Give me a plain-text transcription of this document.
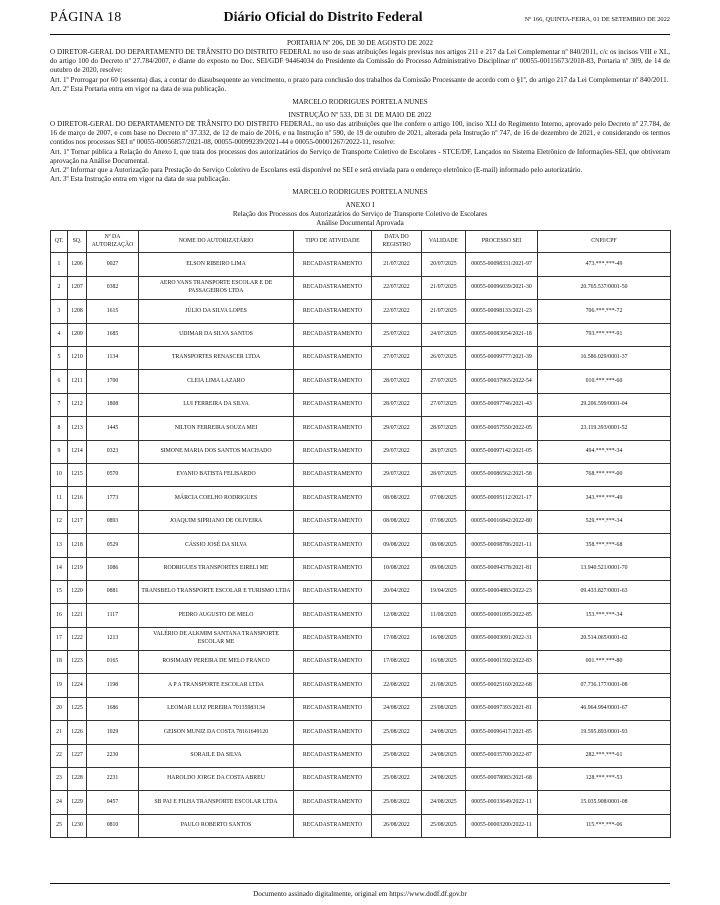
PÁGINA 18	Diário Oficial do Distrito Federal	Nº 166, QUINTA-FEIRA, 01 DE SETEMBRO DE 2022
PORTARIA Nº 206, DE 30 DE AGOSTO DE 2022

O DIRETOR-GERAL DO DEPARTAMENTO DE TRÂNSITO DO DISTRITO FEDERAL no uso de suas atribuições legais previstas nos artigos 211 e 217 da Lei Complementar nº 840/2011, c/c os incisos VIII e XL, do artigo 100 do Decreto nº 27.784/2007, e diante do exposto no Doc. SEI/GDF 94464034 do Presidente da Comissão do Processo Administrativo Disciplinar nº 00055-00115673/2018-83, Portaria nº 309, de 14 de outubro de 2020, resolve:

Art. 1º Prorrogar por 60 (sessenta) dias, a contar do diasubsequente ao vencimento, o prazo para conclusão dos trabalhos da Comissão Processante de acordo com o §1º, do artigo 217 da Lei Complementar nº 840/2011.

Art. 2º Esta Portaria entra em vigor na data de sua publicação.

MARCELO RODRIGUES PORTELA NUNES
INSTRUÇÃO Nº 533, DE 31 DE MAIO DE 2022

O DIRETOR-GERAL DO DEPARTAMENTO DE TRÂNSITO DO DISTRITO FEDERAL, no uso das atribuições que lhe confere o artigo 100, inciso XLI do Regimento Interno, aprovado pelo Decreto nº 27.784, de 16 de março de 2007, e com base no Decreto nº 37.332, de 12 de maio de 2016, e na Instrução nº 590, de 19 de outubro de 2021, alterada pela Instrução nº 747, de 16 de dezembro de 2021, e considerando os termos contidos nos processos SEI nº 00055-00056857/2021-08, 00055-00099239/2021-44 e 00055-00001267/2022-11, resolve:

Art. 1º Tornar pública a Relação do Anexo I, que trata dos processos dos autorizatários do Serviço de Transporte Coletivo de Escolares - STCE/DF, Lançados no Sistema Eletrônico de Informações-SEI, que obtiveram aprovação na Análise Documental.

Art. 2º Informar que a Autorização para Prestação do Serviço Coletivo de Escolares está disponível no SEI e será enviada para o endereço eletrônico (E-mail) informado pelo autorizatário.

Art. 3º Esta Instrução entra em vigor na data de sua publicação.

MARCELO RODRIGUES PORTELA NUNES
ANEXO I
Relação dos Processos dos Autorizatários do Serviço de Transporte Coletivo de Escolares
Análise Documental Aprovada
QT.	SQ.	Nº DA AUTORIZAÇÃO	NOME DO AUTORIZATÁRIO	TIPO DE ATIVIDADE	DATA DO REGISTRO	VALIDADE	PROCESSO SEI	CNPJ/CPF
1	1206	0027	ELSON RIBEIRO LIMA	RECADASTRAMENTO	21/07/2022	20/07/2025	00055-00098331/2021-97	473.***.***-49
2	1207	0382	AERO VANS TRANSPORTE ESCOLAR E DE PASSAGEIROS LTDA	RECADASTRAMENTO	22/07/2022	21/07/2025	00055-00096039/2021-30	20.765.537/0001-50
3	1208	1615	JÚLIO DA SILVA LOPES	RECADASTRAMENTO	22/07/2022	21/07/2025	00055-00098133/2021-23	706.***.***-72
4	1209	1685	UDIMAR DA SILVA SANTOS	RECADASTRAMENTO	25/07/2022	24/07/2025	00055-00083054/2021-18	793.***.***-91
5	1210	1134	TRANSPORTES RENASCER LTDA	RECADASTRAMENTO	27/07/2022	26/07/2025	00055-00099777/2021-39	16.586.029/0001-37
6	1211	1700	CLEIA LIMA LAZARO	RECADASTRAMENTO	28/07/2022	27/07/2025	00055-00037965/2022-54	010.***.***-60
7	1212	1808	LUI FERREIRA DA SILVA	RECADASTRAMENTO	28/07/2022	27/07/2025	00055-00097746/2021-43	29.206.599/0001-04
8	1213	1445	NILTON FERREIRA SOUZA MEI	RECADASTRAMENTO	29/07/2022	28/07/2025	00055-00057550/2022-05	23.119.393/0001-52
9	1214	0323	SIMONE MARIA DOS SANTOS MACHADO	RECADASTRAMENTO	29/07/2022	28/07/2025	00055-00097142/2021-05	494.***.***-34
10	1215	0570	EVANIO BATISTA FELISARDO	RECADASTRAMENTO	29/07/2022	28/07/2025	00055-00086562/2021-58	768.***.***-00
11	1216	1773	MÁRCIA COELHO RODRIGUES	RECADASTRAMENTO	08/08/2022	07/08/2025	00055-00095112/2021-17	343.***.***-49
12	1217	0893	JOAQUIM SIPRIANO DE OLIVEIRA	RECADASTRAMENTO	08/08/2022	07/08/2025	00055-00016842/2022-80	529.***.***-34
13	1218	0529	CÁSSIO JOSÉ DA SILVA	RECADASTRAMENTO	09/08/2022	08/08/2025	00055-00098786/2021-11	358.***.***-68
14	1219	1086	RODRIGUES TRANSPORTES EIRELI ME	RECADASTRAMENTO	10/08/2022	09/08/2025	00055-00094378/2021-81	13.940.521/0001-70
15	1220	0881	TRANSBELO TRANSPORTE ESCOLAR E TURISMO LTDA	RECADASTRAMENTO	20/04/2022	19/04/2025	00055-00004883/2022-23	09.433.827/0001-63
16	1221	1117	PEDRO AUGUSTO DE MELO	RECADASTRAMENTO	12/08/2022	11/08/2025	00055-00001095/2022-85	153.***.***-34
17	1222	1213	VALÉRIO DE ALKMIM SANTANA TRANSPORTE ESCOLAR ME	RECADASTRAMENTO	17/08/2022	16/08/2025	00055-00003091/2022-31	20.514.065/0001-62
18	1223	0165	ROSIMARY PEREIRA DE MELO FRANCO	RECADASTRAMENTO	17/08/2022	16/08/2025	00055-00001592/2022-83	001.***.***-80
19	1224	1198	A P A TRANSPORTE ESCOLAR LTDA	RECADASTRAMENTO	22/08/2022	21/08/2025	00055-00025160/2022-68	07.736.177/0001-08
20	1225	1686	LEOMAR LUIZ PEREIRA 70135983134	RECADASTRAMENTO	24/08/2022	23/08/2025	00055-00097393/2021-81	46.964.994/0001-67
21	1226	1029	GEISON MUNIZ DA COSTA 78161649120	RECADASTRAMENTO	25/08/2022	24/08/2025	00055-00096417/2021-85	19.595.893/0001-93
22	1227	2230	SORAILE DA SILVA	RECADASTRAMENTO	25/08/2022	24/08/2025	00055-00035700/2022-87	282.***.***-61
23	1228	2231	HAROLDO JORGE DA COSTA ABREU	RECADASTRAMENTO	25/08/2022	24/08/2025	00055-00078083/2021-68	128.***.***-53
24	1229	0457	SB PAI E FILHA TRANSPORTE ESCOLAR LTDA	RECADASTRAMENTO	25/08/2022	24/08/2025	00055-00033649/2022-11	15.035.908/0001-08
25	1230	0810	PAULO ROBERTO SANTOS	RECADASTRAMENTO	26/08/2022	25/08/2025	00055-00003200/2022-11	115.***.***-06
Documento assinado digitalmente, original em https://www.dodf.df.gov.br
